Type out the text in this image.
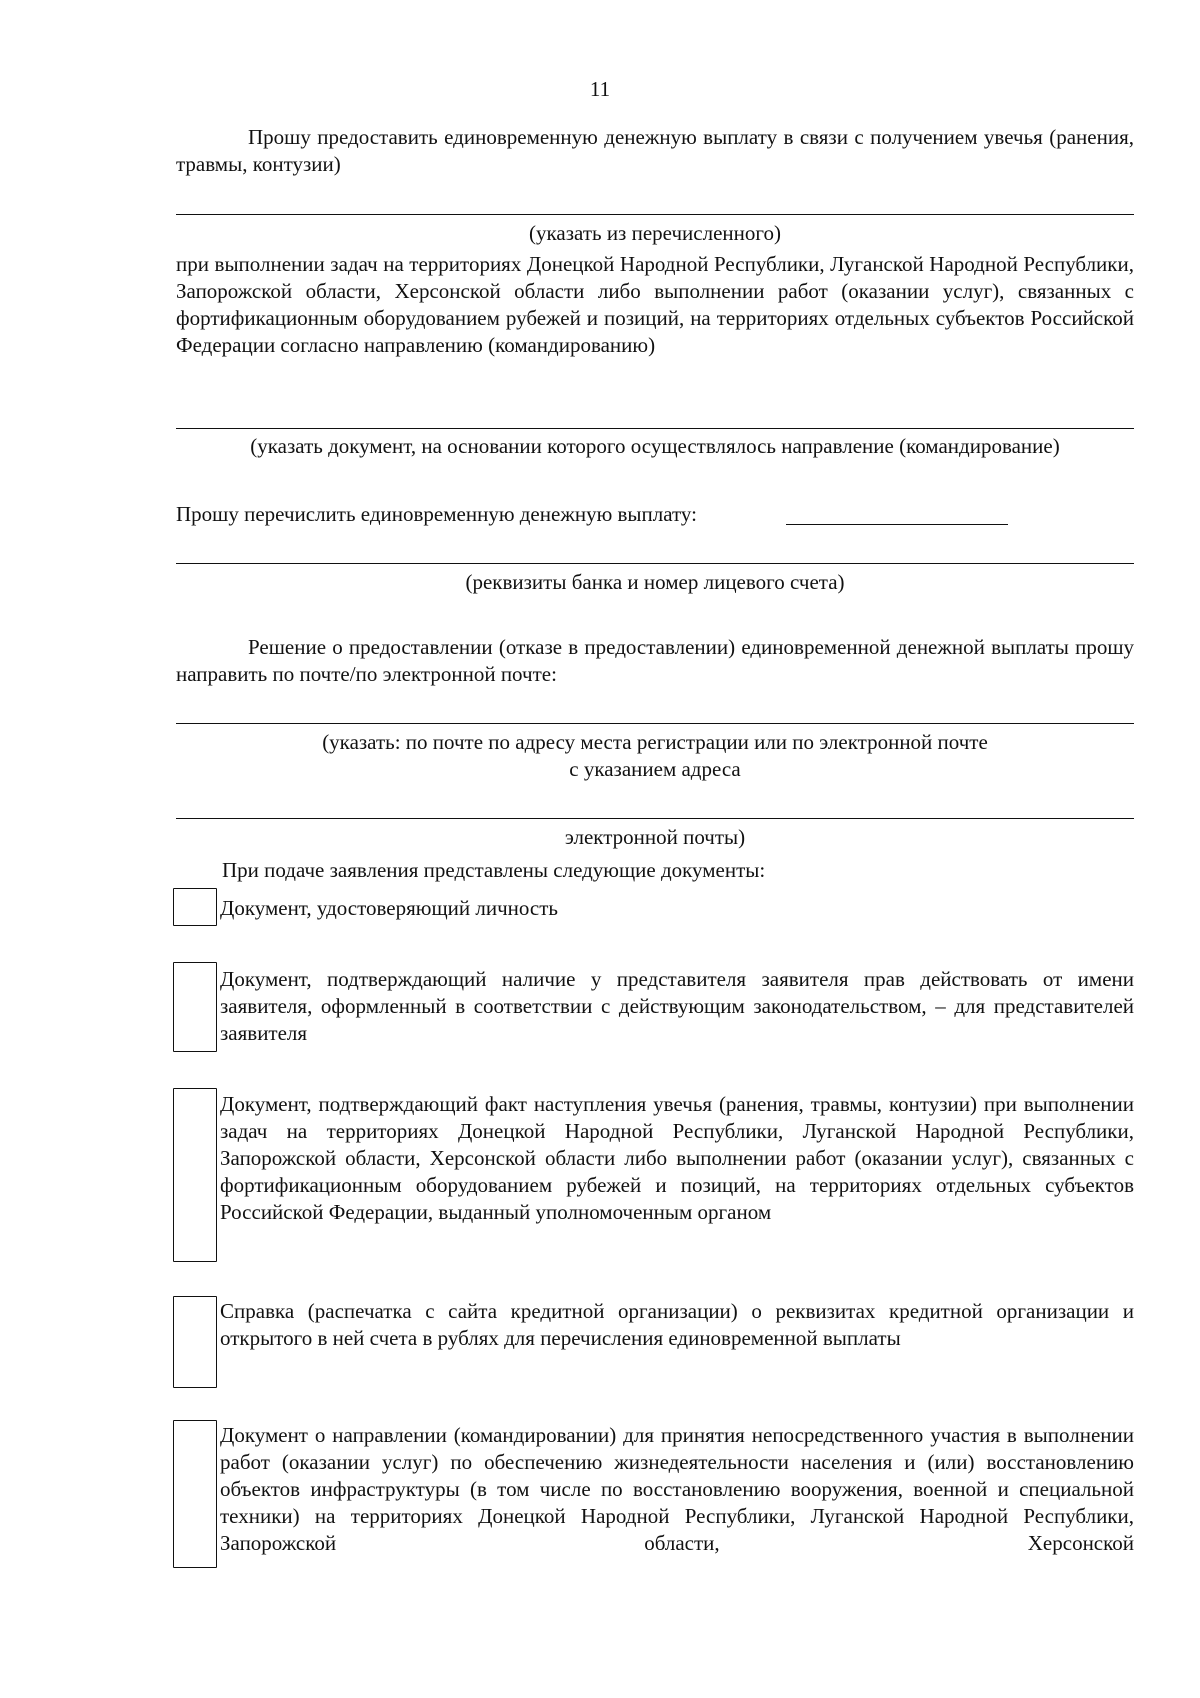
11
Прошу предоставить единовременную денежную выплату в связи с получением увечья (ранения, травмы, контузии)
(указать из перечисленного)
при выполнении задач на территориях Донецкой Народной Республики, Луганской Народной Республики, Запорожской области, Херсонской области либо выполнении работ (оказании услуг), связанных с фортификационным оборудованием рубежей и позиций, на территориях отдельных субъектов Российской Федерации согласно направлению (командированию)
(указать документ, на основании которого осуществлялось направление (командирование)
Прошу перечислить единовременную денежную выплату:
(реквизиты банка и номер лицевого счета)
Решение о предоставлении (отказе в предоставлении) единовременной денежной выплаты прошу направить по почте/по электронной почте:
(указать: по почте по адресу места регистрации или по электронной почте
с указанием адреса
электронной почты)
При подаче заявления представлены следующие документы:
Документ, удостоверяющий личность
Документ, подтверждающий наличие у представителя заявителя прав действовать от имени заявителя, оформленный в соответствии с действующим законодательством, – для представителей заявителя
Документ, подтверждающий факт наступления увечья (ранения, травмы, контузии) при выполнении задач на территориях Донецкой Народной Республики, Луганской Народной Республики, Запорожской области, Херсонской области либо выполнении работ (оказании услуг), связанных с фортификационным оборудованием рубежей и позиций, на территориях отдельных субъектов Российской Федерации, выданный уполномоченным органом
Справка (распечатка с сайта кредитной организации) о реквизитах кредитной организации и открытого в ней счета в рублях для перечисления единовременной выплаты
Документ о направлении (командировании) для принятия непосредственного участия в выполнении работ (оказании услуг) по обеспечению жизнедеятельности населения и (или) восстановлению объектов инфраструктуры (в том числе по восстановлению вооружения, военной и специальной техники) на территориях Донецкой Народной Республики, Луганской Народной Республики, Запорожской области, Херсонской
